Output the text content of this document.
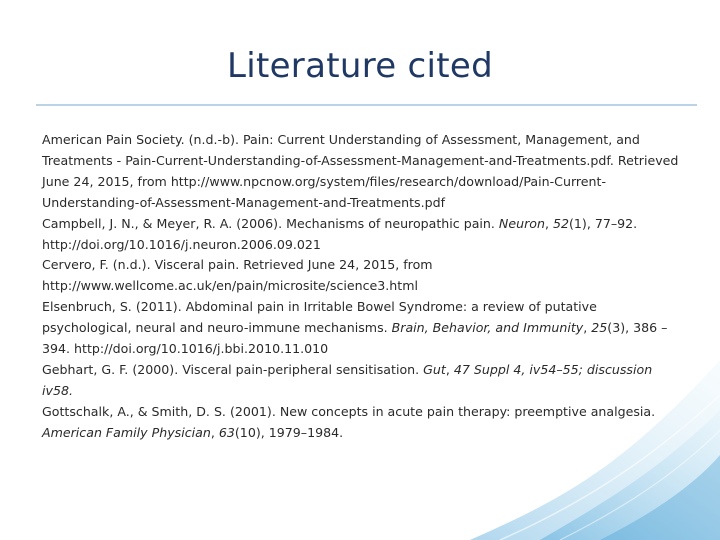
Literature cited

American Pain Society. (n.d.-b). Pain: Current Understanding of Assessment, Management, and Treatments - Pain-Current-Understanding-of-Assessment-Management-and-Treatments.pdf. Retrieved June 24, 2015, from http://www.npcnow.org/system/files/research/download/Pain-Current-Understanding-of-Assessment-Management-and-Treatments.pdf

Campbell, J. N., & Meyer, R. A. (2006). Mechanisms of neuropathic pain. Neuron, 52(1), 77–92. http://doi.org/10.1016/j.neuron.2006.09.021

Cervero, F. (n.d.). Visceral pain. Retrieved June 24, 2015, from http://www.wellcome.ac.uk/en/pain/microsite/science3.html

Elsenbruch, S. (2011). Abdominal pain in Irritable Bowel Syndrome: a review of putative psychological, neural and neuro-immune mechanisms. Brain, Behavior, and Immunity, 25(3), 386 –394. http://doi.org/10.1016/j.bbi.2010.11.010

Gebhart, G. F. (2000). Visceral pain-peripheral sensitisation. Gut, 47 Suppl 4, iv54–55; discussion iv58.

Gottschalk, A., & Smith, D. S. (2001). New concepts in acute pain therapy: preemptive analgesia. American Family Physician, 63(10), 1979–1984.
